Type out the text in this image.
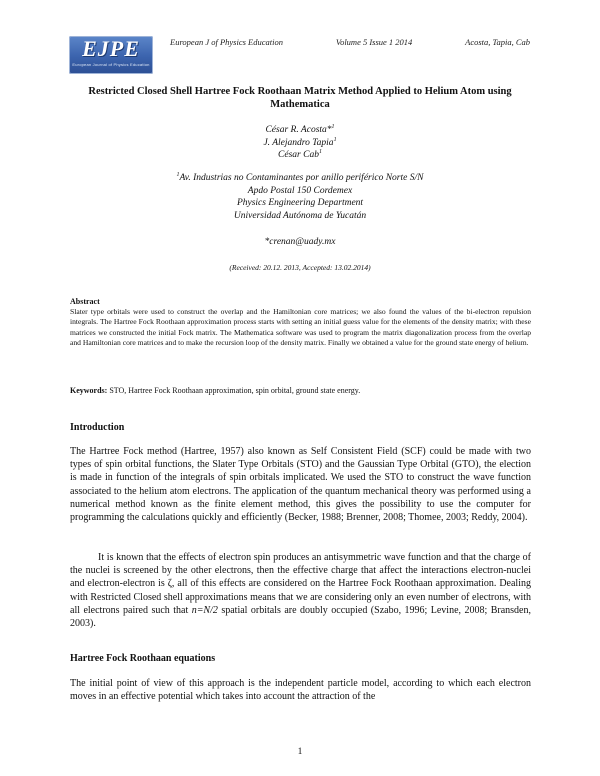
EJPE
European Journal of Physics Education
European J of Physics Education	Volume 5 Issue 1 2014	Acosta, Tapia, Cab
Restricted Closed Shell Hartree Fock Roothaan Matrix Method Applied to Helium Atom using Mathematica
César R. Acosta*$^1$
J. Alejandro Tapia$^1$
César Cab$^1$
$^1$Av. Industrias no Contaminantes por anillo periférico Norte S/N
Apdo Postal 150 Cordemex
Physics Engineering Department
Universidad Autónoma de Yucatán
*crenan@uady.mx
(Received: 20.12. 2013, Accepted: 13.02.2014)
Abstract
Slater type orbitals were used to construct the overlap and the Hamiltonian core matrices; we also found the values of the bi-electron repulsion integrals. The Hartree Fock Roothaan approximation process starts with setting an initial guess value for the elements of the density matrix; with these matrices we constructed the initial Fock matrix. The Mathematica software was used to program the matrix diagonalization process from the overlap and Hamiltonian core matrices and to make the recursion loop of the density matrix. Finally we obtained a value for the ground state energy of helium.
Keywords: STO, Hartree Fock Roothaan approximation, spin orbital, ground state energy.
Introduction
The Hartree Fock method (Hartree, 1957) also known as Self Consistent Field (SCF) could be made with two types of spin orbital functions, the Slater Type Orbitals (STO) and the Gaussian Type Orbital (GTO), the election is made in function of the integrals of spin orbitals implicated. We used the STO to construct the wave function associated to the helium atom electrons. The application of the quantum mechanical theory was performed using a numerical method known as the finite element method, this gives the possibility to use the computer for programming the calculations quickly and efficiently (Becker, 1988; Brenner, 2008; Thomee, 2003; Reddy, 2004).
It is known that the effects of electron spin produces an antisymmetric wave function and that the charge of the nuclei is screened by the other electrons, then the effective charge that affect the interactions electron-nuclei and electron-electron is ζ, all of this effects are considered on the Hartree Fock Roothaan approximation. Dealing with Restricted Closed shell approximations means that we are considering only an even number of electrons, with all electrons paired such that n=N/2 spatial orbitals are doubly occupied (Szabo, 1996; Levine, 2008; Bransden, 2003).
Hartree Fock Roothaan equations
The initial point of view of this approach is the independent particle model, according to which each electron moves in an effective potential which takes into account the attraction of the
1
